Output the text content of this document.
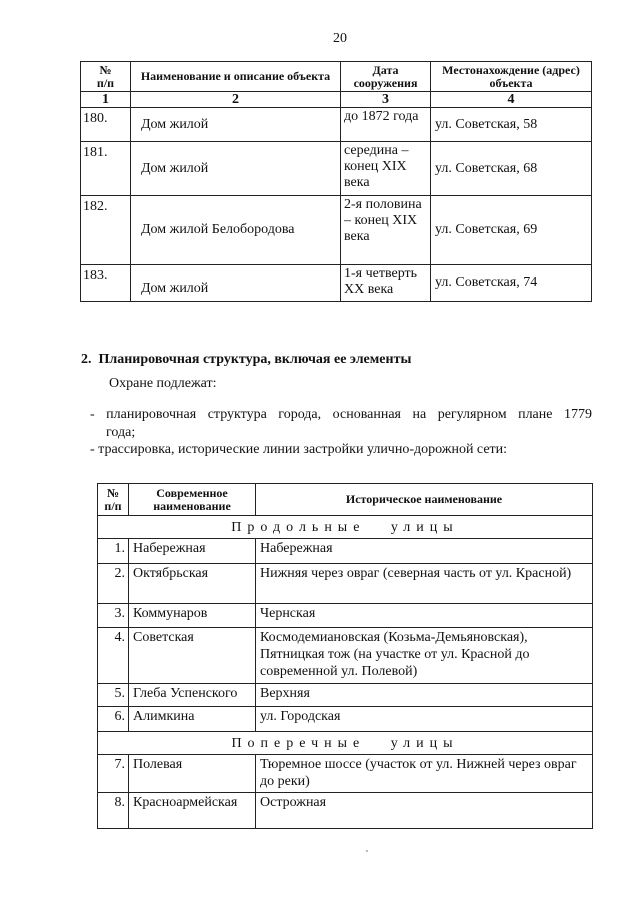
20
№
п/п	Наименование и описание объекта	Дата сооружения	Местонахождение (адрес) объекта
1	2	3	4
180.	Дом жилой	до 1872 года	ул. Советская, 58
181.	Дом жилой	середина – конец XIX века	ул. Советская, 68
182.	Дом жилой Белобородова	2-я половина – конец XIX века	ул. Советская, 69
183.	Дом жилой	1-я четверть XX века	ул. Советская, 74
2.  Планировочная структура, включая ее элементы
Охране подлежат:
- планировочная структура города, основанная на регулярном плане 1779
года;
- трассировка, исторические линии застройки улично-дорожной сети:
№
п/п	Современное наименование	Историческое наименование
Продольные улицы		
1.	Набережная	Набережная
2.	Октябрьская	Нижняя через овраг (северная часть от ул. Красной)
3.	Коммунаров	Чернская
4.	Советская	Космодемиановская (Козьма-Демьяновская), Пятницкая тож (на участке от ул. Красной до современной ул. Полевой)
5.	Глеба Успенского	Верхняя
6.	Алимкина	ул. Городская
Поперечные улицы		
7.	Полевая	Тюремное шоссе (участок от ул. Нижней через овраг до реки)
8.	Красноармейская	Острожная
